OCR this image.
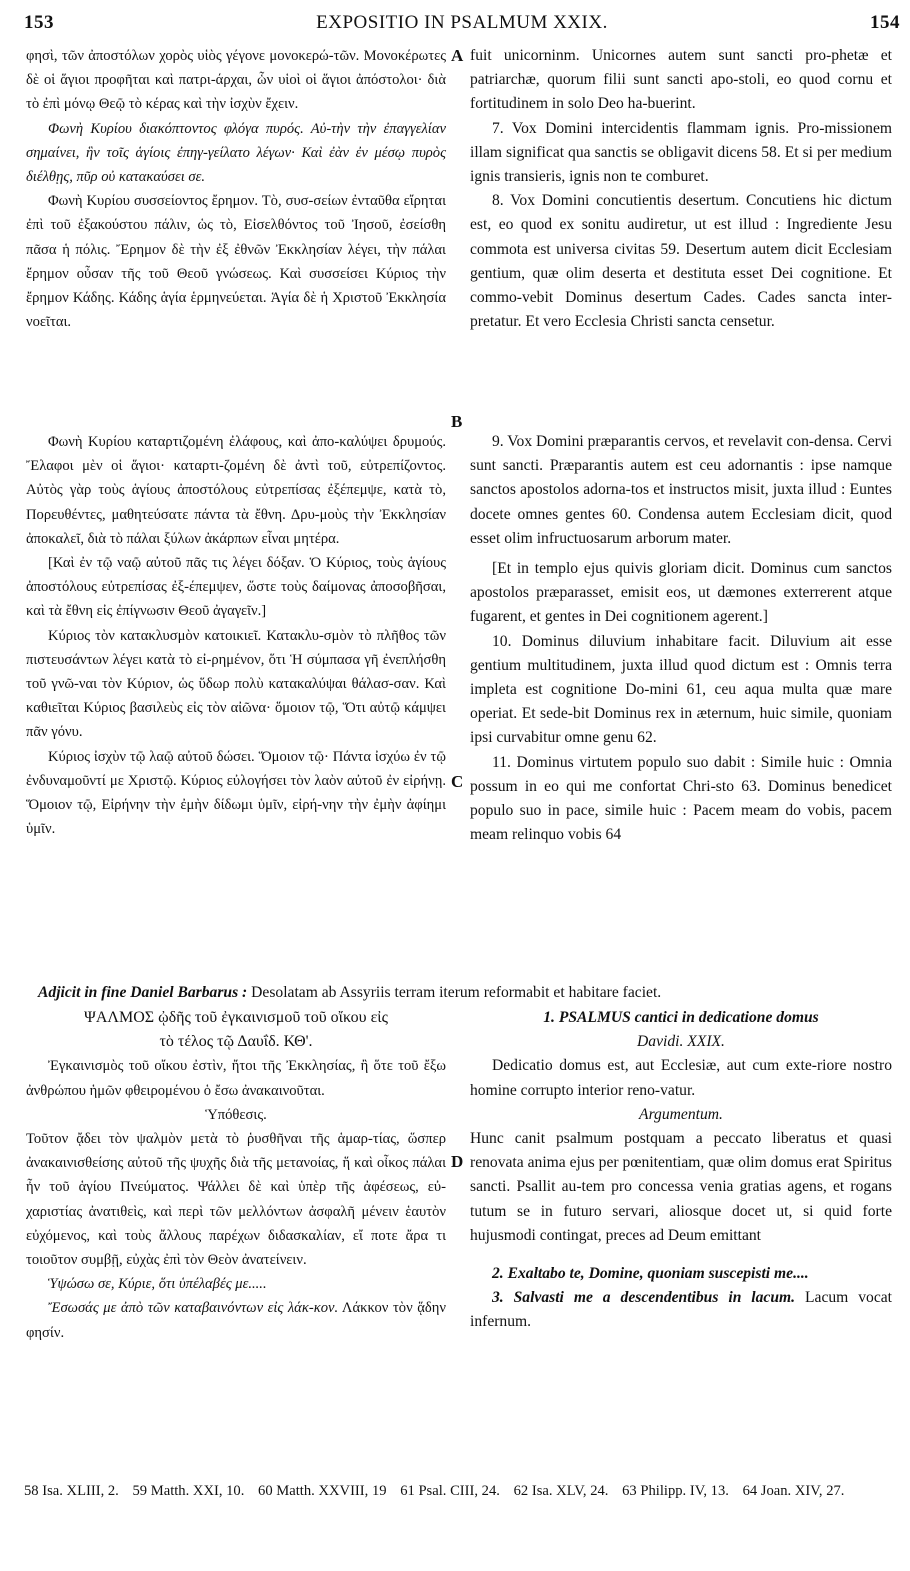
153	EXPOSITIO IN PSALMUM XXIX.	154

φησὶ, τῶν ἀποστόλων χορὸς υἱὸς γέγονε μονοκερώ-τῶν. Μονοκέρωτες δὲ οἱ ἅγιοι προφῆται καὶ πατρι-άρχαι, ὧν υἱοὶ οἱ ἅγιοι ἀπόστολοι· διὰ τὸ ἐπὶ μόνῳ Θεῷ τὸ κέρας καὶ τὴν ἰσχὺν ἔχειν.

Φωνὴ Κυρίου διακόπτοντος φλόγα πυρός. Αὐ-τὴν τὴν ἐπαγγελίαν σημαίνει, ἣν τοῖς ἁγίοις ἐπηγ-γείλατο λέγων· Καὶ ἐὰν ἐν μέσῳ πυρὸς διέλθῃς, πῦρ οὐ κατακαύσει σε.

Φωνὴ Κυρίου συσσείοντος ἔρημον. Τὸ, συσ-σείων ἐνταῦθα εἴρηται ἐπὶ τοῦ ἐξακούστου πάλιν, ὡς τὸ, Εἰσελθόντος τοῦ Ἰησοῦ, ἐσείσθη πᾶσα ἡ πόλις. Ἔρημον δὲ τὴν ἐξ ἐθνῶν Ἐκκλησίαν λέγει, τὴν πάλαι ἔρημον οὖσαν τῆς τοῦ Θεοῦ γνώσεως. Καὶ συσσείσει Κύριος τὴν ἔρημον Κάδης. Κάδης ἁγία ἑρμηνεύεται. Ἁγία δὲ ἡ Χριστοῦ Ἐκκλησία νοεῖται.

A fuit unicorninm. Unicornes autem sunt sancti pro-phetæ et patriarchæ, quorum filii sunt sancti apo-stoli, eo quod cornu et fortitudinem in solo Deo ha-buerint.

7. Vox Domini intercidentis flammam ignis. Pro-missionem illam significat qua sanctis se obligavit dicens 58. Et si per medium ignis transieris, ignis non te comburet.

8. Vox Domini concutientis desertum. Concutiens hic dictum est, eo quod ex sonitu audiretur, ut est illud : Ingrediente Jesu commota est universa civitas 59. Desertum autem dicit Ecclesiam gentium, quæ olim deserta et destituta esset Dei cognitione. Et commo-vebit Dominus desertum Cades. Cades sancta inter-pretatur. Et vero Ecclesia Christi sancta censetur.

B

Φωνὴ Κυρίου καταρτιζομένη ἐλάφους, καὶ ἀπο-καλύψει δρυμούς. Ἔλαφοι μὲν οἱ ἅγιοι· καταρτι-ζομένη δὲ ἀντὶ τοῦ, εὐτρεπίζοντος. Αὐτὸς γὰρ τοὺς ἁγίους ἀποστόλους εὐτρεπίσας ἐξέπεμψε, κατὰ τὸ, Πορευθέντες, μαθητεύσατε πάντα τὰ ἔθνη. Δρυ-μοὺς τὴν Ἐκκλησίαν ἀποκαλεῖ, διὰ τὸ πάλαι ξύλων ἀκάρπων εἶναι μητέρα.

[Καὶ ἐν τῷ ναῷ αὐτοῦ πᾶς τις λέγει δόξαν. Ὁ Κύριος, τοὺς ἁγίους ἀποστόλους εὐτρεπίσας ἐξ-έπεμψεν, ὥστε τοὺς δαίμονας ἀποσοβῆσαι, καὶ τὰ ἔθνη εἰς ἐπίγνωσιν Θεοῦ ἀγαγεῖν.]

Κύριος τὸν κατακλυσμὸν κατοικιεῖ. Κατακλυ-σμὸν τὸ πλῆθος τῶν πιστευσάντων λέγει κατὰ τὸ εἰ-ρημένον, ὅτι Ἡ σύμπασα γῆ ἐνεπλήσθη τοῦ γνῶ-ναι τὸν Κύριον, ὡς ὕδωρ πολὺ κατακαλύψαι θάλασ-σαν. Καὶ καθιεῖται Κύριος βασιλεὺς εἰς τὸν αἰῶνα· ὅμοιον τῷ, Ὅτι αὐτῷ κάμψει πᾶν γόνυ.

Κύριος ἰσχὺν τῷ λαῷ αὐτοῦ δώσει. Ὅμοιον τῷ· Πάντα ἰσχύω ἐν τῷ ἐνδυναμοῦντί με Χριστῷ. Κύριος εὐλογήσει τὸν λαὸν αὐτοῦ ἐν εἰρήνῃ. Ὅμοιον τῷ, Εἰρήνην τὴν ἐμὴν δίδωμι ὑμῖν, εἰρή-νην τὴν ἐμὴν ἀφίημι ὑμῖν.

C

9. Vox Domini præparantis cervos, et revelavit con-densa. Cervi sunt sancti. Præparantis autem est ceu adornantis : ipse namque sanctos apostolos adorna-tos et instructos misit, juxta illud : Euntes docete omnes gentes 60. Condensa autem Ecclesiam dicit, quod esset olim infructuosarum arborum mater.

[Et in templo ejus quivis gloriam dicit. Dominus cum sanctos apostolos præparasset, emisit eos, ut dæmones exterrerent atque fugarent, et gentes in Dei cognitionem agerent.]

10. Dominus diluvium inhabitare facit. Diluvium ait esse gentium multitudinem, juxta illud quod dictum est : Omnis terra impleta est cognitione Do-mini 61, ceu aqua multa quæ mare operiat. Et sede-bit Dominus rex in æternum, huic simile, quoniam ipsi curvabitur omne genu 62.

11. Dominus virtutem populo suo dabit : Simile huic : Omnia possum in eo qui me confortat Chri-sto 63. Dominus benedicet populo suo in pace, simile huic : Pacem meam do vobis, pacem meam relinquo vobis 64

Adjicit in fine Daniel Barbarus : Desolatam ab Assyriis terram iterum reformabit et habitare faciet.

ΨΑΛΜΟΣ ᾠδῆς τοῦ ἐγκαινισμοῦ τοῦ οἴκου εἰς

τὸ τέλος τῷ Δαυΐδ. ΚΘ'.

Ἐγκαινισμὸς τοῦ οἴκου ἐστὶν, ἤτοι τῆς Ἐκκλησίας, ἢ ὅτε τοῦ ἔξω ἀνθρώπου ἡμῶν φθειρομένου ὁ ἔσω ἀνακαινοῦται.

Ὑπόθεσις.

Τοῦτον ᾄδει τὸν ψαλμὸν μετὰ τὸ ῥυσθῆναι τῆς ἁμαρ-τίας, ὥσπερ ἀνακαινισθείσης αὐτοῦ τῆς ψυχῆς διὰ τῆς μετανοίας, ἥ καὶ οἶκος πάλαι ἦν τοῦ ἁγίου Πνεύματος. Ψάλλει δὲ καὶ ὑπὲρ τῆς ἀφέσεως, εὐ-χαριστίας ἀνατιθεὶς, καὶ περὶ τῶν μελλόντων ἀσφαλῆ μένειν ἑαυτὸν εὐχόμενος, καὶ τοὺς ἄλλους παρέχων διδασκαλίαν, εἴ ποτε ἄρα τι τοιοῦτον συμβῇ, εὐχὰς ἐπὶ τὸν Θεὸν ἀνατείνειν.

Ὑψώσω σε, Κύριε, ὅτι ὑπέλαβές με.....

Ἔσωσάς με ἀπὸ τῶν καταβαινόντων εἰς λάκ-κον. Λάκκον τὸν ᾅδην φησίν.

D

1. PSALMUS cantici in dedicatione domus

Davidi. XXIX.

Dedicatio domus est, aut Ecclesiæ, aut cum exte-riore nostro homine corrupto interior reno-vatur.

Argumentum.

Hunc canit psalmum postquam a peccato liberatus et quasi renovata anima ejus per pœnitentiam, quæ olim domus erat Spiritus sancti. Psallit au-tem pro concessa venia gratias agens, et rogans tutum se in futuro servari, aliosque docet ut, si quid forte hujusmodi contingat, preces ad Deum emittant

2. Exaltabo te, Domine, quoniam suscepisti me....

3. Salvasti me a descendentibus in lacum. Lacum vocat infernum.

58 Isa. XLIII, 2. 59 Matth. XXI, 10. 60 Matth. XXVIII, 19 61 Psal. CIII, 24. 62 Isa. XLV, 24. 63 Philipp. IV, 13. 64 Joan. XIV, 27.
